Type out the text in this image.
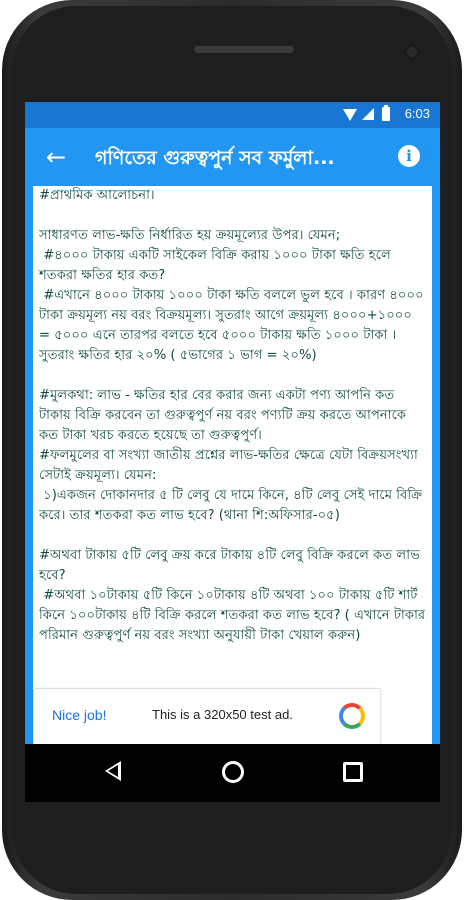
6:03
←	গণিতের গুরুত্বপুর্ন সব ফর্মুলা...	i

#প্রাথমিক আলোচনা।

সাধারণত লাভ-ক্ষতি নির্ধারিত হয় ক্রয়মূল্যের উপর। যেমন;
#৪০০০ টাকায় একটি সাইকেল বিক্রি করায় ১০০০ টাকা ক্ষতি হলে শতকরা ক্ষতির হার কত?
#এখানে ৪০০০ টাকায় ১০০০ টাকা ক্ষতি বললে ভুল হবে । কারণ ৪০০০ টাকা ক্রয়মূল্য নয় বরং বিক্রয়মূল্য। সুতরাং আগে ক্রয়মূল্য ৪০০০+১০০০ = ৫০০০ এনে তারপর বলতে হবে ৫০০০ টাকায় ক্ষতি ১০০০ টাকা । সুতরাং ক্ষতির হার ২০% ( ৫ভাগের ১ ভাগ = ২০%)

#মুলকথা: লাভ - ক্ষতির হার বের করার জন্য একটা পণ্য আপনি কত টাকায় বিক্রি করবেন তা গুরুত্বপুর্ণ নয় বরং পণ্যটি ক্রয় করতে আপনাকে কত টাকা খরচ করতে হয়েছে তা গুরুত্বপুর্ণ।

#ফলমুলের বা সংখ্যা জাতীয় প্রশ্নের লাভ-ক্ষতির ক্ষেত্রে যেটা বিক্রয়সংখ্যা সেটাই ক্রয়মূল্য। যেমন:
১)একজন দোকানদার ৫ টি লেবু যে দামে কিনে, ৪টি লেবু সেই দামে বিক্রি করে। তার শতকরা কত লাভ হবে? (থানা শি:অফিসার-০৫)

#অথবা টাকায় ৫টি লেবু ক্রয় করে টাকায় ৪টি লেবু বিক্রি করলে কত লাভ হবে?
#অথবা ১০টাকায় ৫টি কিনে ১০টাকায় ৪টি অথবা ১০০ টাকায় ৫টি শার্ট কিনে ১০০টাকায় ৪টি বিক্রি করলে শতকরা কত লাভ হবে? ( এখানে টাকার পরিমান গুরুত্বপুর্ণ নয় বরং সংখ্যা অনুযায়ী টাকা খেয়াল করুন)

Nice job!	This is a 320x50 test ad.
